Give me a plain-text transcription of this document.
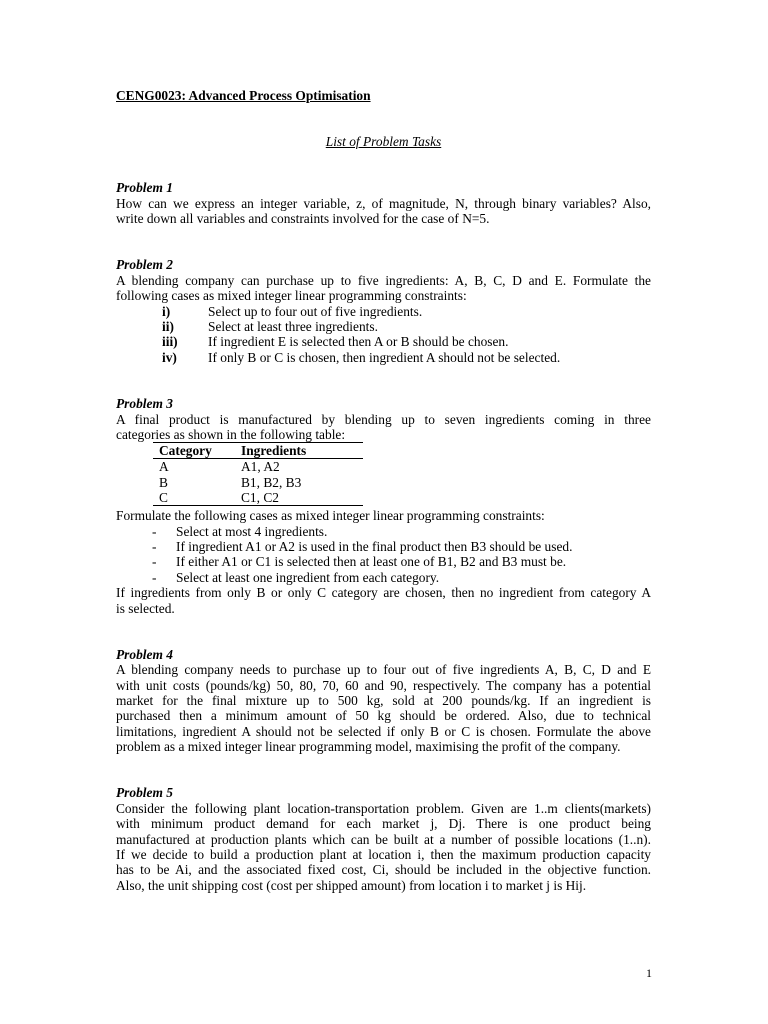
CENG0023: Advanced Process Optimisation
List of Problem Tasks
Problem 1
How can we express an integer variable, z, of magnitude, N, through binary variables? Also,
write down all variables and constraints involved for the case of N=5.
Problem 2
A blending company can purchase up to five ingredients: A, B, C, D and E. Formulate the
following cases as mixed integer linear programming constraints:
i)	Select up to four out of five ingredients.
ii)	Select at least three ingredients.
iii) If ingredient E is selected then A or B should be chosen.
iv) If only B or C is chosen, then ingredient A should not be selected.
Problem 3
A final product is manufactured by blending up to seven ingredients coming in three
categories as shown in the following table:
Category Ingredients
A	A1, A2
B	B1, B2, B3
C	C1, C2
Formulate the following cases as mixed integer linear programming constraints:
- Select at most 4 ingredients.
- If ingredient A1 or A2 is used in the final product then B3 should be used.
- If either A1 or C1 is selected then at least one of B1, B2 and B3 must be.
- Select at least one ingredient from each category.
If ingredients from only B or only C category are chosen, then no ingredient from category A
is selected.
Problem 4
A blending company needs to purchase up to four out of five ingredients A, B, C, D and E
with unit costs (pounds/kg) 50, 80, 70, 60 and 90, respectively. The company has a potential
market for the final mixture up to 500 kg, sold at 200 pounds/kg. If an ingredient is
purchased then a minimum amount of 50 kg should be ordered. Also, due to technical
limitations, ingredient A should not be selected if only B or C is chosen. Formulate the above
problem as a mixed integer linear programming model, maximising the profit of the company.
Problem 5
Consider the following plant location-transportation problem. Given are 1..m clients(markets)
with minimum product demand for each market j, Dj. There is one product being
manufactured at production plants which can be built at a number of possible locations (1..n).
If we decide to build a production plant at location i, then the maximum production capacity
has to be Ai, and the associated fixed cost, Ci, should be included in the objective function.
Also, the unit shipping cost (cost per shipped amount) from location i to market j is Hij.
1
